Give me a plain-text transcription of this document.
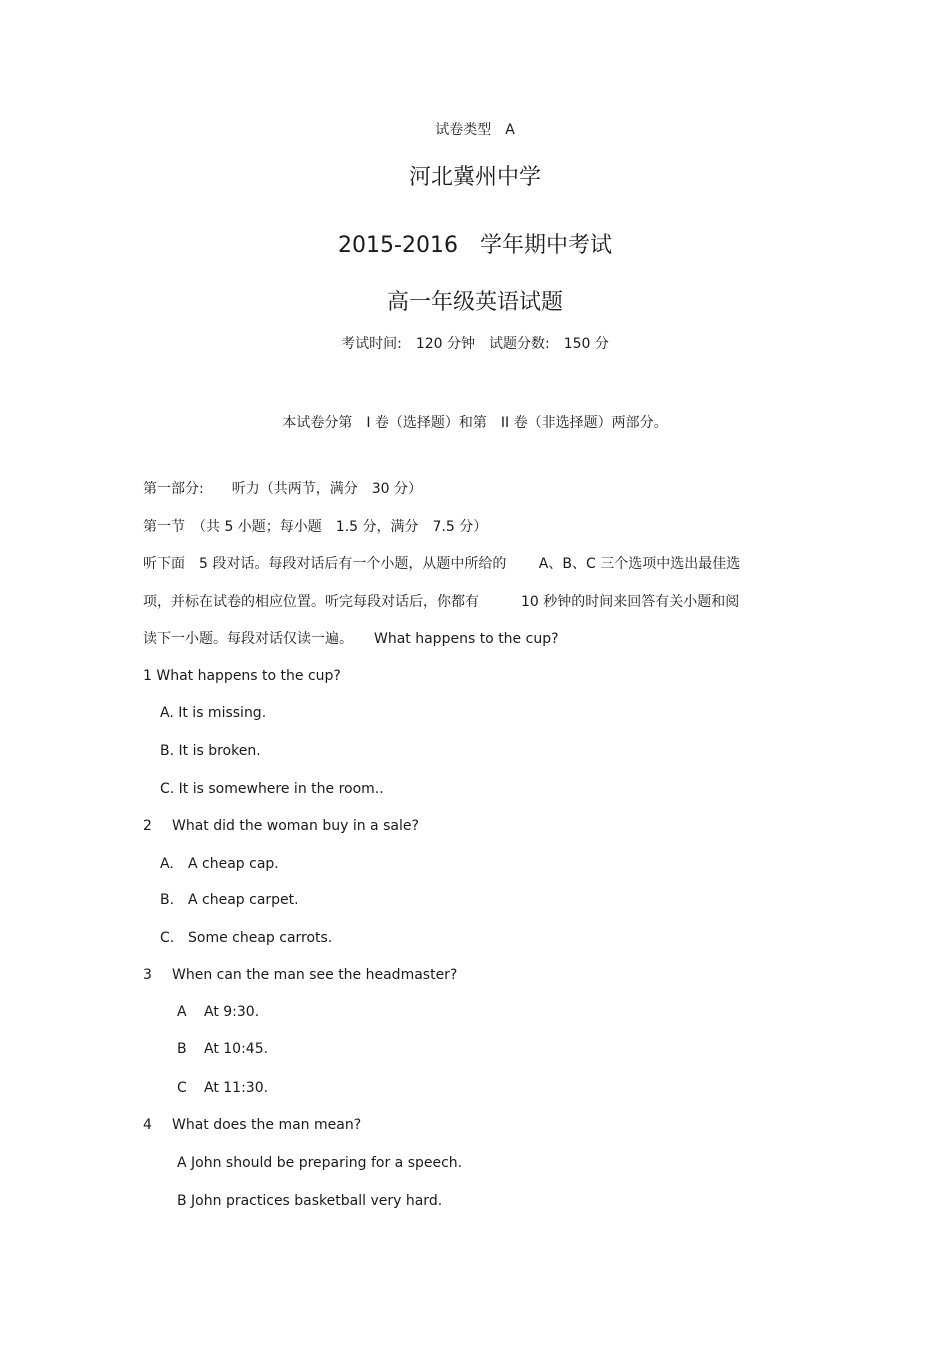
试卷类型　A
河北冀州中学
2015-2016　学年期中考试
高一年级英语试题
考试时间:　120 分钟　试题分数:　150 分
本试卷分第　I 卷（选择题）和第　II 卷（非选择题）两部分。
第一部分:　　听力（共两节，满分　30 分）
第一节　（共 5 小题；每小题　1.5 分，满分　7.5 分）
听下面　5 段对话。每段对话后有一个小题，从题中所给的　　 A、B、C 三个选项中选出最佳选
项，并标在试卷的相应位置。听完每段对话后，你都有　　　10 秒钟的时间来回答有关小题和阅
读下一小题。每段对话仅读一遍。　　What happens to the cup?
1 What happens to the cup?
A. It is missing.
B. It is broken.
C. It is somewhere in the room..
2 What did the woman buy in a sale?
A. A cheap cap.
B. A cheap carpet.
C. Some cheap carrots.
3 When can the man see the headmaster?
A At 9:30.
B At 10:45.
C At 11:30.
4 What does the man mean?
A John should be preparing for a speech.
B John practices basketball very hard.
